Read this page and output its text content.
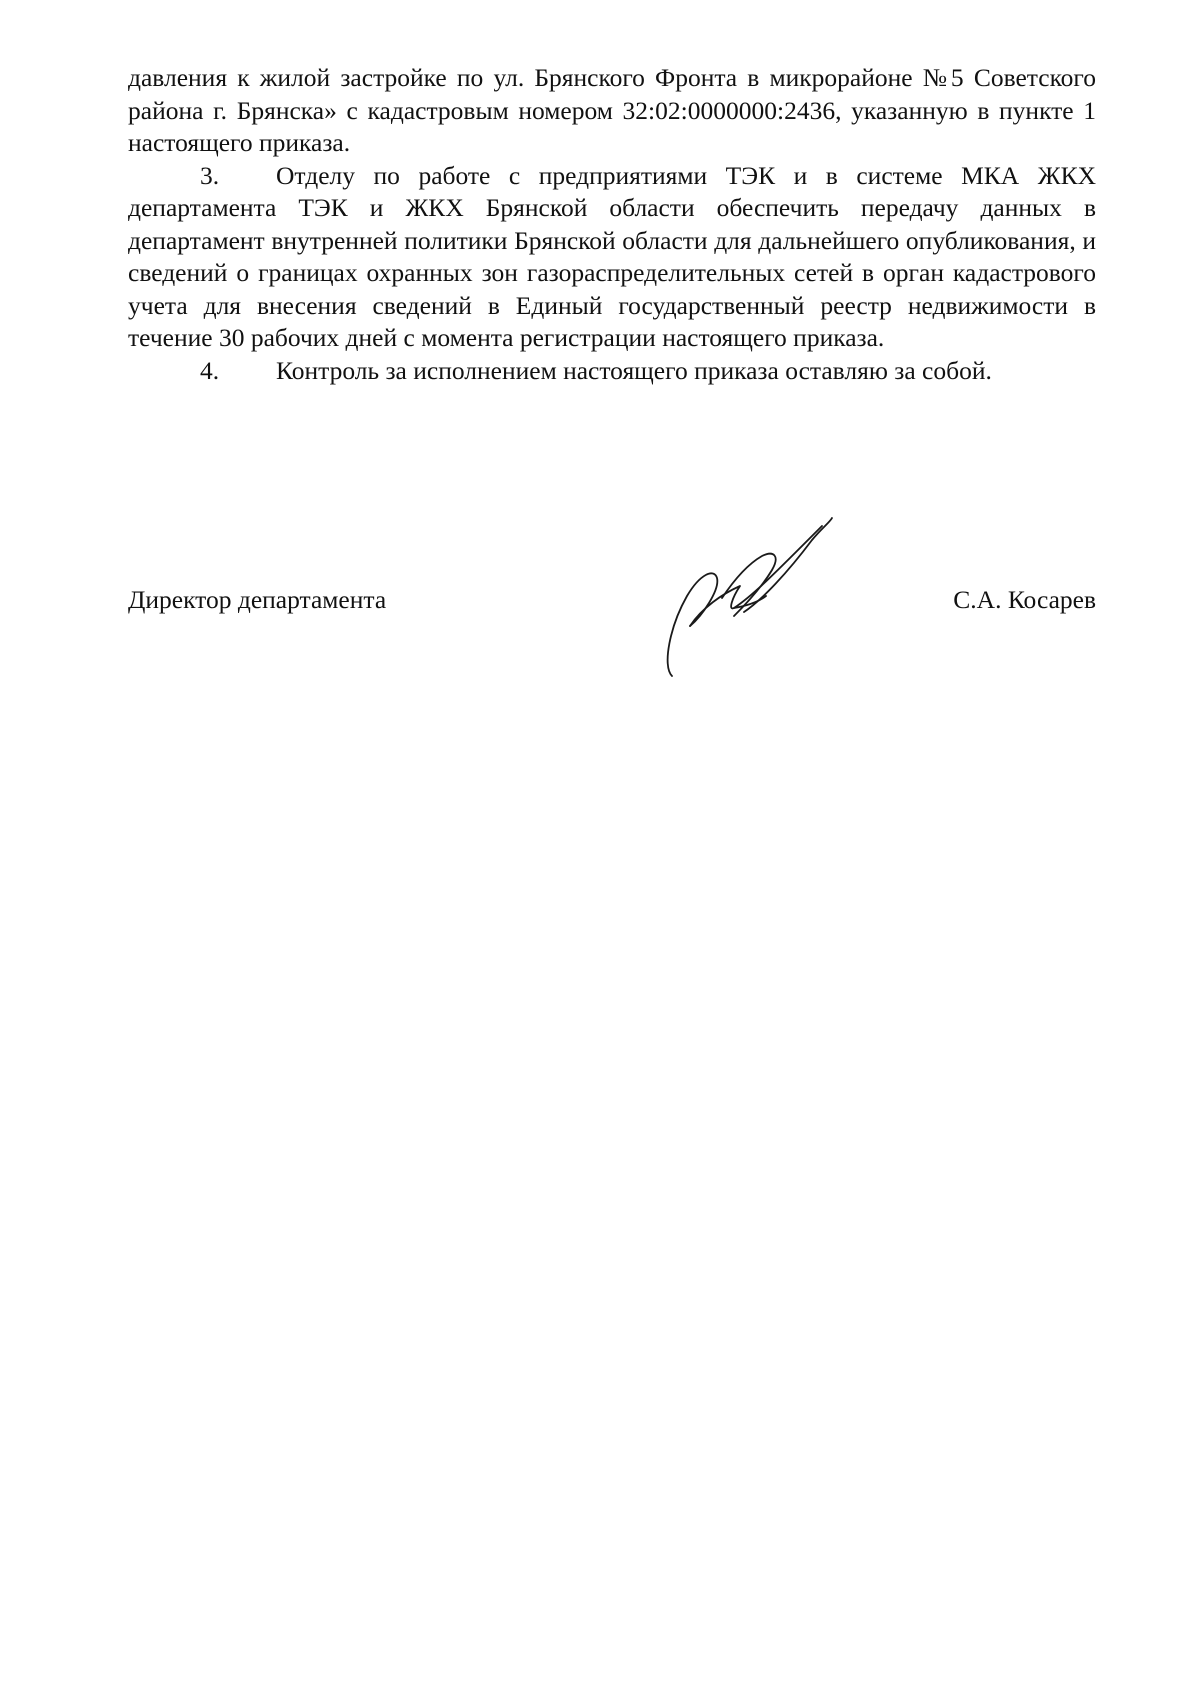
давления к жилой застройке по ул. Брянского Фронта в микрорайоне №5 Советского района г. Брянска» с кадастровым номером 32:02:0000000:2436, указанную в пункте 1 настоящего приказа.

3. Отделу по работе с предприятиями ТЭК и в системе МКА ЖКХ департамента ТЭК и ЖКХ Брянской области обеспечить передачу данных в департамент внутренней политики Брянской области для дальнейшего опубликования, и сведений о границах охранных зон газораспределительных сетей в орган кадастрового учета для внесения сведений в Единый государственный реестр недвижимости в течение 30 рабочих дней с момента регистрации настоящего приказа.

4. Контроль за исполнением настоящего приказа оставляю за собой.

Директор департамента	С.А. Косарев
